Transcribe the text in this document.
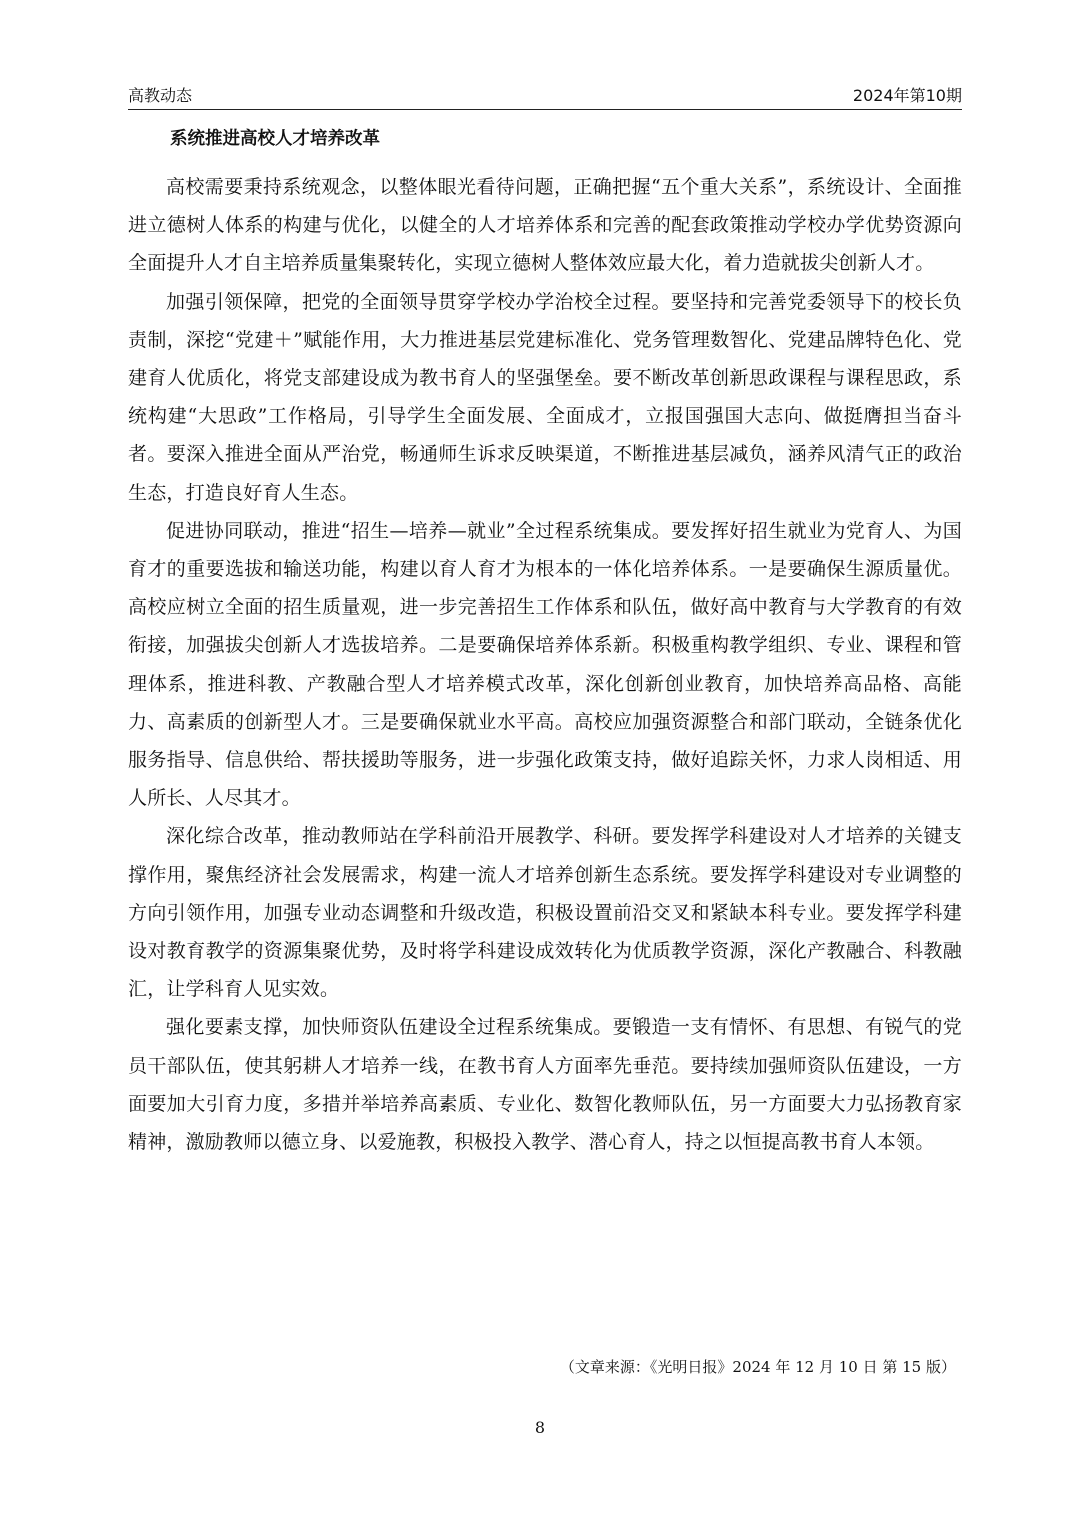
高教动态	2024年第10期
系统推进高校人才培养改革

高校需要秉持系统观念，以整体眼光看待问题，正确把握“五个重大关系”，系统设计、全面推进立德树人体系的构建与优化，以健全的人才培养体系和完善的配套政策推动学校办学优势资源向全面提升人才自主培养质量集聚转化，实现立德树人整体效应最大化，着力造就拔尖创新人才。

加强引领保障，把党的全面领导贯穿学校办学治校全过程。要坚持和完善党委领导下的校长负责制，深挖“党建＋”赋能作用，大力推进基层党建标准化、党务管理数智化、党建品牌特色化、党建育人优质化，将党支部建设成为教书育人的坚强堡垒。要不断改革创新思政课程与课程思政，系统构建“大思政”工作格局，引导学生全面发展、全面成才，立报国强国大志向、做挺膺担当奋斗者。要深入推进全面从严治党，畅通师生诉求反映渠道，不断推进基层减负，涵养风清气正的政治生态，打造良好育人生态。

促进协同联动，推进“招生—培养—就业”全过程系统集成。要发挥好招生就业为党育人、为国育才的重要选拔和输送功能，构建以育人育才为根本的一体化培养体系。一是要确保生源质量优。高校应树立全面的招生质量观，进一步完善招生工作体系和队伍，做好高中教育与大学教育的有效衔接，加强拔尖创新人才选拔培养。二是要确保培养体系新。积极重构教学组织、专业、课程和管理体系，推进科教、产教融合型人才培养模式改革，深化创新创业教育，加快培养高品格、高能力、高素质的创新型人才。三是要确保就业水平高。高校应加强资源整合和部门联动，全链条优化服务指导、信息供给、帮扶援助等服务，进一步强化政策支持，做好追踪关怀，力求人岗相适、用人所长、人尽其才。

深化综合改革，推动教师站在学科前沿开展教学、科研。要发挥学科建设对人才培养的关键支撑作用，聚焦经济社会发展需求，构建一流人才培养创新生态系统。要发挥学科建设对专业调整的方向引领作用，加强专业动态调整和升级改造，积极设置前沿交叉和紧缺本科专业。要发挥学科建设对教育教学的资源集聚优势，及时将学科建设成效转化为优质教学资源，深化产教融合、科教融汇，让学科育人见实效。

强化要素支撑，加快师资队伍建设全过程系统集成。要锻造一支有情怀、有思想、有锐气的党员干部队伍，使其躬耕人才培养一线，在教书育人方面率先垂范。要持续加强师资队伍建设，一方面要加大引育力度，多措并举培养高素质、专业化、数智化教师队伍，另一方面要大力弘扬教育家精神，激励教师以德立身、以爱施教，积极投入教学、潜心育人，持之以恒提高教书育人本领。

（文章来源：《光明日报》2024 年 12 月 10 日 第 15 版）
8
